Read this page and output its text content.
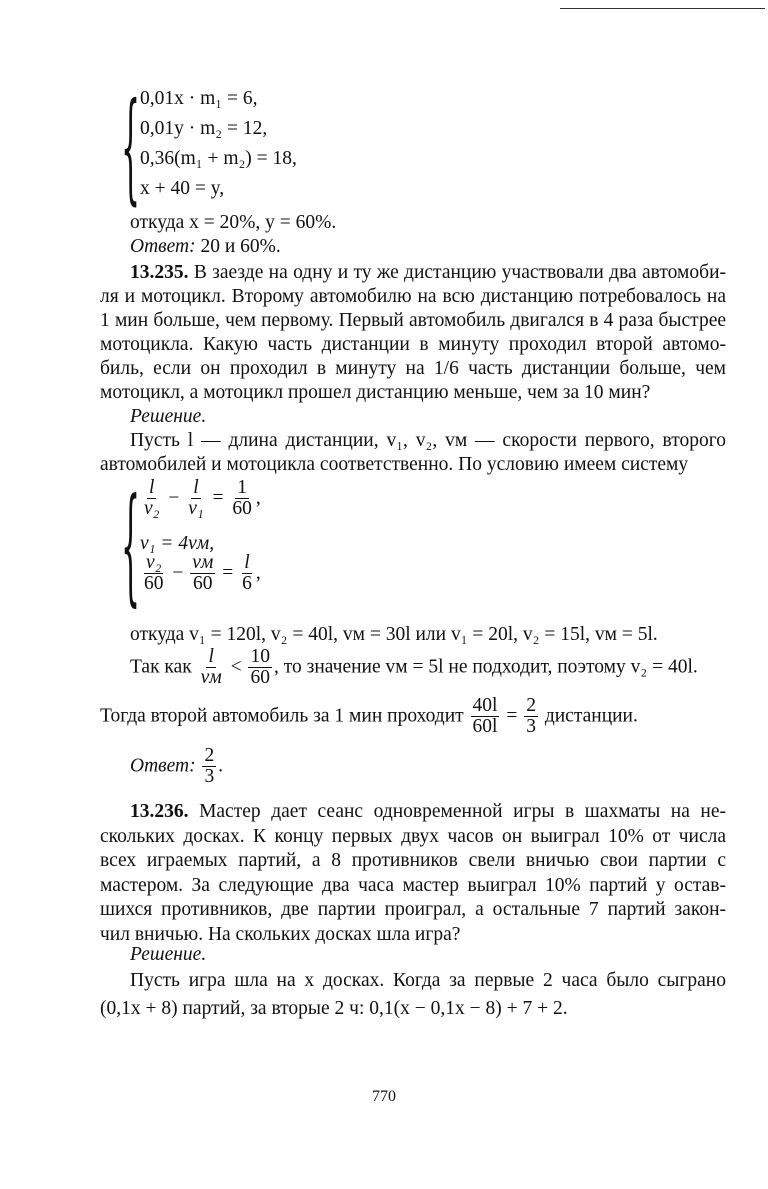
{ 0,01x · m₁ = 6,
0,01y · m₂ = 12,
0,36(m₁ + m₂) = 18,
x + 40 = y,
откуда x = 20%, y = 60%.
Ответ: 20 и 60%.
13.235. В заезде на одну и ту же дистанцию участвовали два автомоби-
ля и мотоцикл. Второму автомобилю на всю дистанцию потребовалось на
1 мин больше, чем первому. Первый автомобиль двигался в 4 раза быстрее
мотоцикла. Какую часть дистанции в минуту проходил второй автомо-
биль, если он проходил в минуту на 1/6 часть дистанции больше, чем
мотоцикл, а мотоцикл прошел дистанцию меньше, чем за 10 мин?
Решение.
Пусть l — длина дистанции, v₁, v₂, vм — скорости первого, второго
автомобилей и мотоцикла соответственно. По условию имеем систему
{ $\frac{l}{\text{v₂}} - \frac{l}{\text{v₁}} = \frac{1}{60}$ ,
v₁ = 4vм,
$\frac{\text{v₂}}{60} - \frac{vм}{60} = \frac{l}{6}$ ,
откуда v₁ = 120l, v₂ = 40l, vм = 30l или v₁ = 20l, v₂ = 15l, vм = 5l.
Так как $\frac{l}{vм} < \frac{10}{60}$ , то значение vм = 5l не подходит, поэтому v₂ = 40l.
Тогда второй автомобиль за 1 мин проходит $\frac{40l}{60l} = \frac{2}{3}$ дистанции.
Ответ: $\frac{2}{3}$ .
13.236. Мастер дает сеанс одновременной игры в шахматы на не-
скольких досках. К концу первых двух часов он выиграл 10% от числа
всех играемых партий, а 8 противников свели вничью свои партии с
мастером. За следующие два часа мастер выиграл 10% партий у остав-
шихся противников, две партии проиграл, а остальные 7 партий закон-
чил вничью. На скольких досках шла игра?
Решение.
Пусть игра шла на x досках. Когда за первые 2 часа было сыграно
(0,1x + 8) партий, за вторые 2 ч: 0,1(x − 0,1x − 8) + 7 + 2.
770
